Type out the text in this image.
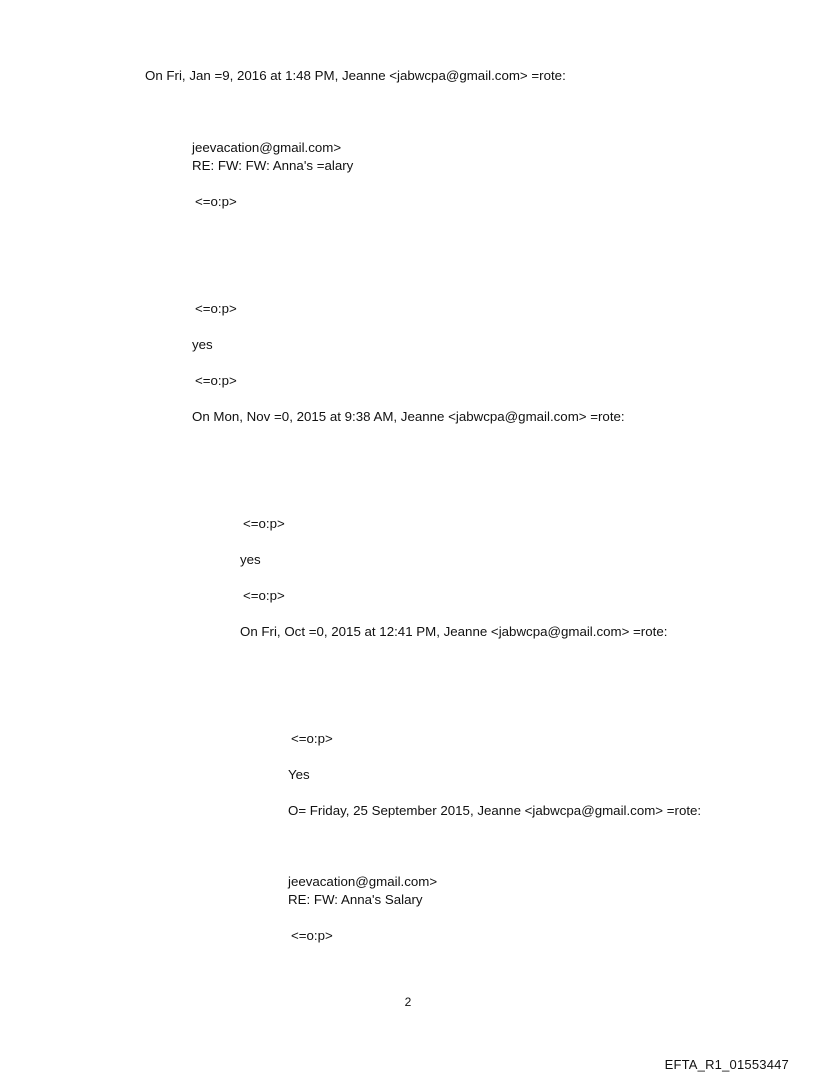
On Fri, Jan =9, 2016 at 1:48 PM, Jeanne <jabwcpa@gmail.com> =rote:
jeevacation@gmail.com>
RE: FW: FW: Anna's =alary
<=o:p>
<=o:p>
yes
<=o:p>
On Mon, Nov =0, 2015 at 9:38 AM, Jeanne <jabwcpa@gmail.com> =rote:
<=o:p>
yes
<=o:p>
On Fri, Oct =0, 2015 at 12:41 PM, Jeanne <jabwcpa@gmail.com> =rote:
<=o:p>
Yes
O= Friday, 25 September 2015, Jeanne <jabwcpa@gmail.com> =rote:
jeevacation@gmail.com>
RE: FW: Anna's Salary
<=o:p>
2
EFTA_R1_01553447
